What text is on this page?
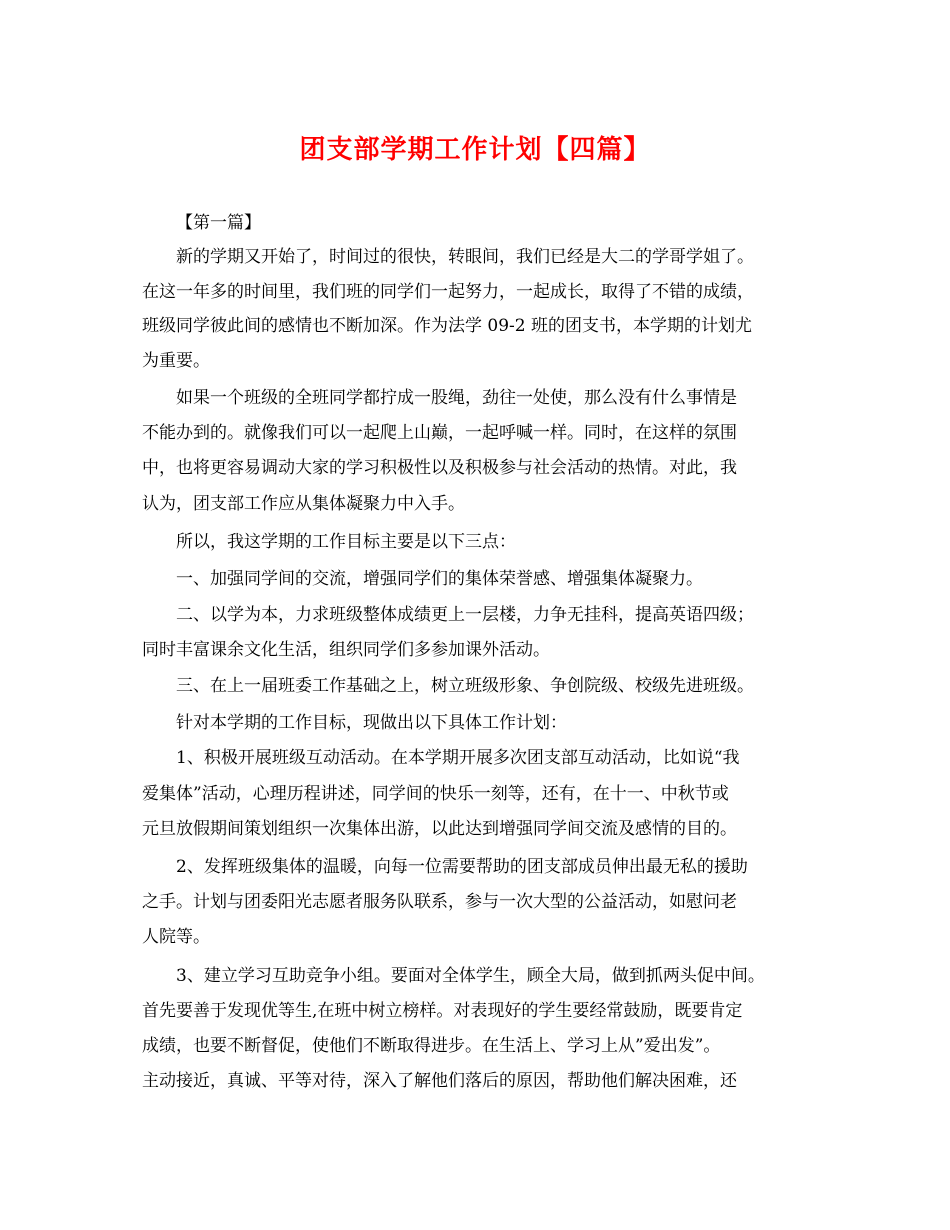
团支部学期工作计划【四篇】
【第一篇】
新的学期又开始了，时间过的很快，转眼间，我们已经是大二的学哥学姐了。
在这一年多的时间里，我们班的同学们一起努力，一起成长，取得了不错的成绩，
班级同学彼此间的感情也不断加深。作为法学 09-2 班的团支书，本学期的计划尤
为重要。
如果一个班级的全班同学都拧成一股绳，劲往一处使，那么没有什么事情是
不能办到的。就像我们可以一起爬上山巅，一起呼喊一样。同时，在这样的氛围
中，也将更容易调动大家的学习积极性以及积极参与社会活动的热情。对此，我
认为，团支部工作应从集体凝聚力中入手。
所以，我这学期的工作目标主要是以下三点：
一、加强同学间的交流，增强同学们的集体荣誉感、增强集体凝聚力。
二、以学为本，力求班级整体成绩更上一层楼，力争无挂科，提高英语四级；
同时丰富课余文化生活，组织同学们多参加课外活动。
三、在上一届班委工作基础之上，树立班级形象、争创院级、校级先进班级。
针对本学期的工作目标，现做出以下具体工作计划：
1、积极开展班级互动活动。在本学期开展多次团支部互动活动，比如说“我
爱集体”活动，心理历程讲述，同学间的快乐一刻等，还有，在十一、中秋节或
元旦放假期间策划组织一次集体出游，以此达到增强同学间交流及感情的目的。
2、发挥班级集体的温暖，向每一位需要帮助的团支部成员伸出最无私的援助
之手。计划与团委阳光志愿者服务队联系，参与一次大型的公益活动，如慰问老
人院等。
3、建立学习互助竞争小组。要面对全体学生，顾全大局，做到抓两头促中间。
首先要善于发现优等生,在班中树立榜样。对表现好的学生要经常鼓励，既要肯定
成绩，也要不断督促，使他们不断取得进步。在生活上、学习上从”爱出发”。
主动接近，真诚、平等对待，深入了解他们落后的原因，帮助他们解决困难，还
